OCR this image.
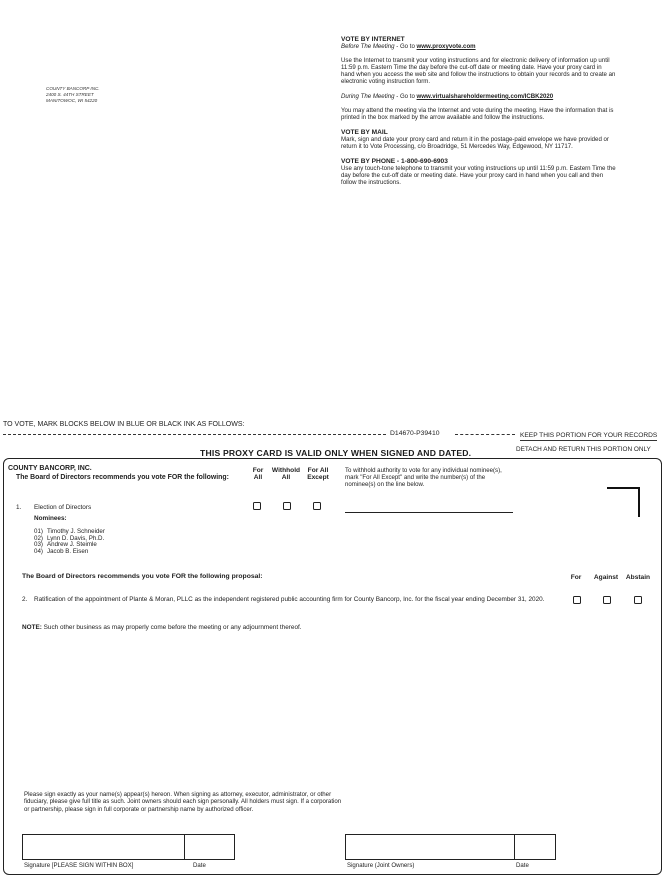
COUNTY BANCORP INC.
2400 S. 44TH STREET
MANITOWOC, WI 54220
VOTE BY INTERNET

Before The Meeting - Go to www.proxyvote.com

Use the Internet to transmit your voting instructions and for electronic delivery of information up until 11:59 p.m. Eastern Time the day before the cut-off date or meeting date. Have your proxy card in hand when you access the web site and follow the instructions to obtain your records and to create an electronic voting instruction form.

During The Meeting - Go to www.virtualshareholdermeeting.com/ICBK2020

You may attend the meeting via the Internet and vote during the meeting. Have the information that is printed in the box marked by the arrow available and follow the instructions.

VOTE BY MAIL

Mark, sign and date your proxy card and return it in the postage-paid envelope we have provided or return it to Vote Processing, c/o Broadridge, 51 Mercedes Way, Edgewood, NY 11717.

VOTE BY PHONE - 1-800-690-6903

Use any touch-tone telephone to transmit your voting instructions up until 11:59 p.m. Eastern Time the day before the cut-off date or meeting date. Have your proxy card in hand when you call and then follow the instructions.

TO VOTE, MARK BLOCKS BELOW IN BLUE OR BLACK INK AS FOLLOWS:
D14670-P39410	KEEP THIS PORTION FOR YOUR RECORDS
THIS PROXY CARD IS VALID ONLY WHEN SIGNED AND DATED.	DETACH AND RETURN THIS PORTION ONLY
COUNTY BANCORP, INC.
The Board of Directors recommends you vote FOR the following:
For
All
Withhold
All
For All
Except
To withhold authority to vote for any individual nominee(s), mark "For All Except" and write the number(s) of the nominee(s) on the line below.
1. Election of Directors
Nominees:
01) Timothy J. Schneider
02) Lynn D. Davis, Ph.D.
03) Andrew J. Steimle
04) Jacob B. Eisen
The Board of Directors recommends you vote FOR the following proposal:	For	Against	Abstain
2. Ratification of the appointment of Plante & Moran, PLLC as the independent registered public accounting firm for County Bancorp, Inc. for the fiscal year ending December 31, 2020.
NOTE: Such other business as may properly come before the meeting or any adjournment thereof.
Please sign exactly as your name(s) appear(s) hereon. When signing as attorney, executor, administrator, or other fiduciary, please give full title as such. Joint owners should each sign personally. All holders must sign. If a corporation or partnership, please sign in full corporate or partnership name by authorized officer.
Signature [PLEASE SIGN WITHIN BOX]	Date	Signature (Joint Owners)	Date
